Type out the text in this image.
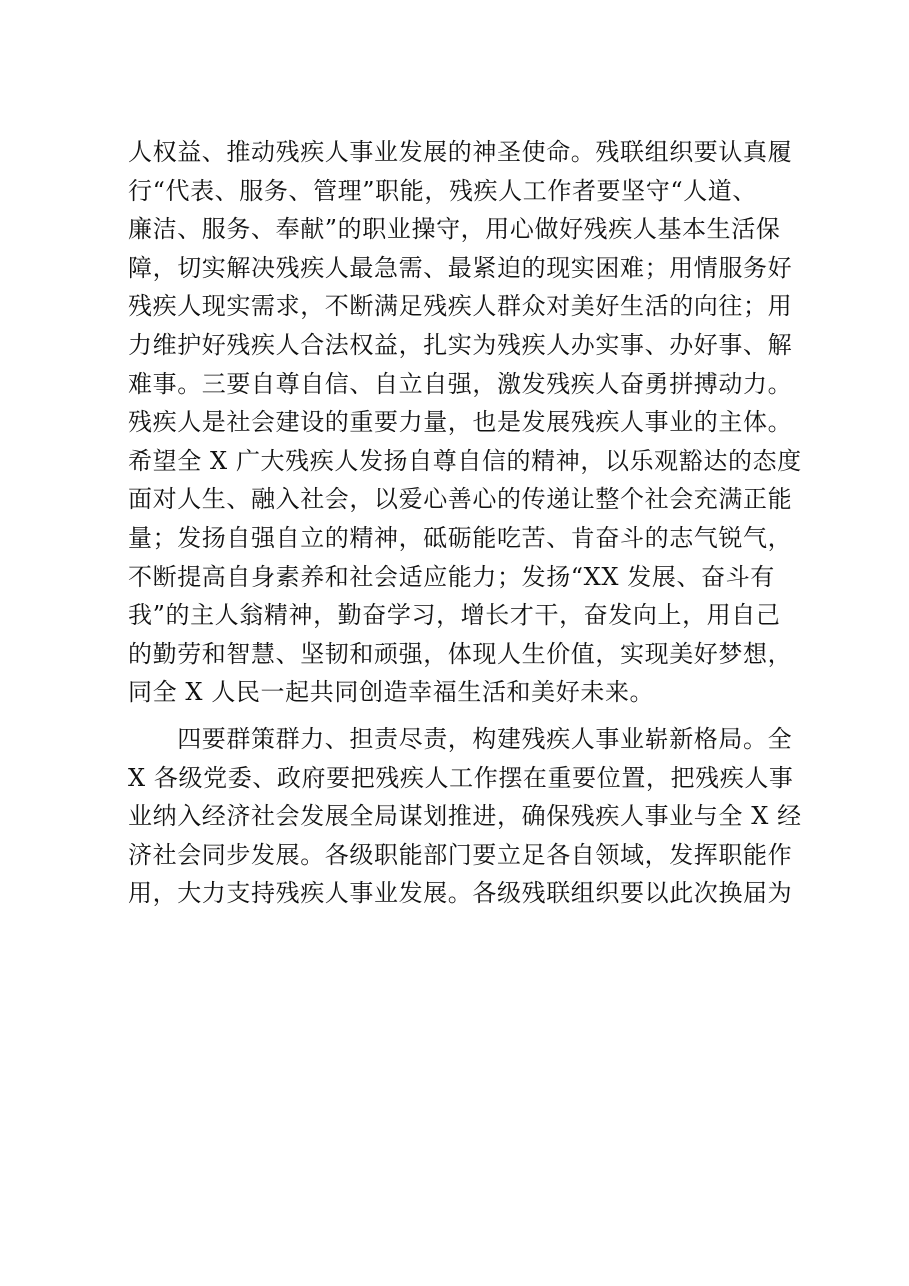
人权益、推动残疾人事业发展的神圣使命。残联组织要认真履
行“代表、服务、管理”职能，残疾人工作者要坚守“人道、
廉洁、服务、奉献”的职业操守，用心做好残疾人基本生活保
障，切实解决残疾人最急需、最紧迫的现实困难；用情服务好
残疾人现实需求，不断满足残疾人群众对美好生活的向往；用
力维护好残疾人合法权益，扎实为残疾人办实事、办好事、解
难事。三要自尊自信、自立自强，激发残疾人奋勇拼搏动力。
残疾人是社会建设的重要力量，也是发展残疾人事业的主体。
希望全 X 广大残疾人发扬自尊自信的精神，以乐观豁达的态度
面对人生、融入社会，以爱心善心的传递让整个社会充满正能
量；发扬自强自立的精神，砥砺能吃苦、肯奋斗的志气锐气，
不断提高自身素养和社会适应能力；发扬“XX 发展、奋斗有
我”的主人翁精神，勤奋学习，增长才干，奋发向上，用自己
的勤劳和智慧、坚韧和顽强，体现人生价值，实现美好梦想，
同全 X 人民一起共同创造幸福生活和美好未来。
　　四要群策群力、担责尽责，构建残疾人事业崭新格局。全
X 各级党委、政府要把残疾人工作摆在重要位置，把残疾人事
业纳入经济社会发展全局谋划推进，确保残疾人事业与全 X 经
济社会同步发展。各级职能部门要立足各自领域，发挥职能作
用，大力支持残疾人事业发展。各级残联组织要以此次换届为
